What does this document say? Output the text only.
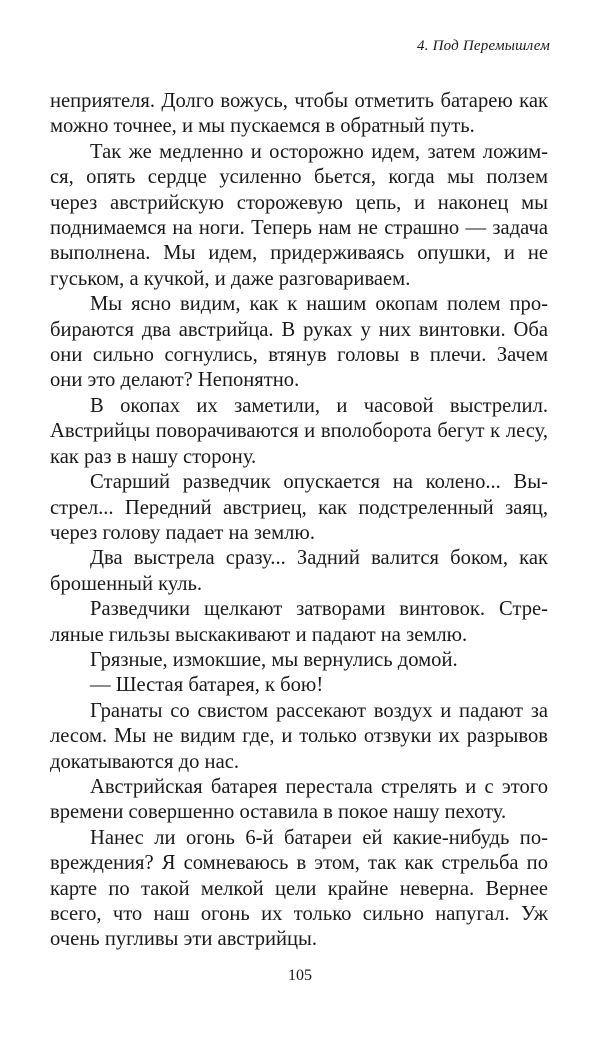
4. Под Перемышлем

неприятеля. Долго вожусь, чтобы отметить батарею как можно точнее, и мы пускаемся в обратный путь.

Так же медленно и осторожно идем, затем ложимся, опять сердце усиленно бьется, когда мы ползем через австрийскую сторожевую цепь, и наконец мы поднимаемся на ноги. Теперь нам не страшно — задача выполнена. Мы идем, придерживаясь опушки, и не гуськом, а кучкой, и даже разговариваем.

Мы ясно видим, как к нашим окопам полем пробираются два австрийца. В руках у них винтовки. Оба они сильно согнулись, втянув головы в плечи. Зачем они это делают? Непонятно.

В окопах их заметили, и часовой выстрелил. Австрийцы поворачиваются и вполоборота бегут к лесу, как раз в нашу сторону.

Старший разведчик опускается на колено... Выстрел... Передний австриец, как подстреленный заяц, через голову падает на землю.

Два выстрела сразу... Задний валится боком, как брошенный куль.

Разведчики щелкают затворами винтовок. Стреляные гильзы выскакивают и падают на землю.

Грязные, измокшие, мы вернулись домой.

— Шестая батарея, к бою!

Гранаты со свистом рассекают воздух и падают за лесом. Мы не видим где, и только отзвуки их разрывов докатываются до нас.

Австрийская батарея перестала стрелять и с этого времени совершенно оставила в покое нашу пехоту.

Нанес ли огонь 6-й батареи ей какие-нибудь повреждения? Я сомневаюсь в этом, так как стрельба по карте по такой мелкой цели крайне неверна. Вернее всего, что наш огонь их только сильно напугал. Уж очень пугливы эти австрийцы.

105
